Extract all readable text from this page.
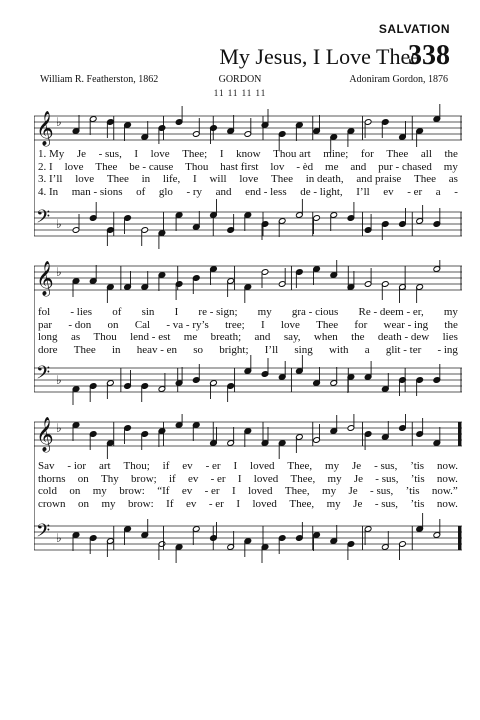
SALVATION
My Jesus, I Love Thee
338
William R. Featherston, 1862	GORDON
11 11 11 11
Adoniram Gordon, 1876
𝄞 ♭
𝄢 ♭
1. My Je - sus, I love Thee; I know Thou art mine; for Thee all the
2. I love Thee be - cause Thou hast first lov - èd me and pur - chased my
3. I’ll love Thee in life, I will love Thee in death, and praise Thee as
4. In man - sions of glo - ry and end - less de - light, I’ll ev - er a -
𝄞 ♭
𝄢 ♭
fol - lies of sin I re - sign; my gra - cious Re - deem - er, my
par - don on Cal - va - ry’s tree; I love Thee for wear - ing the
long as Thou lend - est me breath; and say, when the death - dew lies
dore Thee in heav - en so bright; I’ll sing with a glit - ter - ing
𝄞 ♭
𝄢 ♭
Sav - ior art Thou; if ev - er I loved Thee, my Je - sus, ’tis now.
thorns on Thy brow; if ev - er I loved Thee, my Je - sus, ’tis now.
cold on my brow: “If ev - er I loved Thee, my Je - sus, ’tis now.”
crown on my brow: If ev - er I loved Thee, my Je - sus, ’tis now.
